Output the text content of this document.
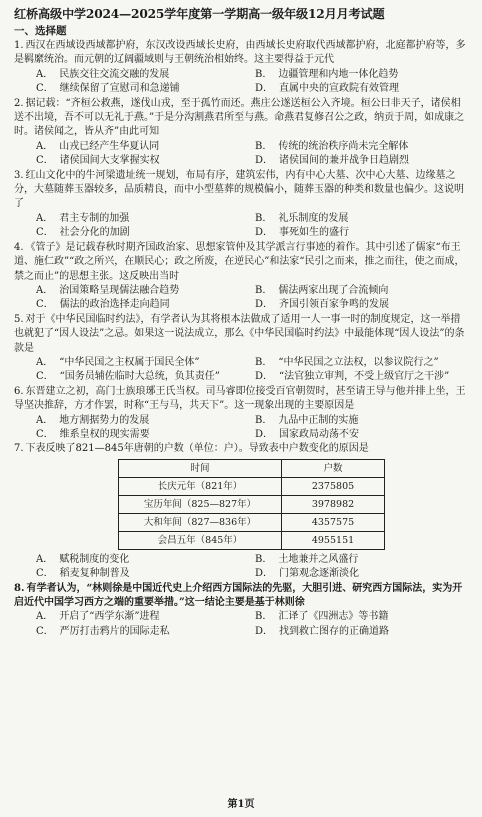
红桥高级中学2024—2025学年度第一学期高一级年级12月月考试题
一、选择题

1. 西汉在西域设西域都护府，东汉改设西域长史府，由西域长史府取代西域都护府，北庭都护府等，多是羁縻统治。而元朝的辽阔疆域则与王朝统治相始终。这主要得益于元代

A． 民族交往交流交融的发展	B． 边疆管理和内地一体化趋势
C． 继续保留了宣慰司和急递铺	D． 直属中央的宣政院有效管理

2. 据记载：“齐桓公救燕，遂伐山戎，至于孤竹而还。燕庄公遂送桓公入齐境。桓公曰非天子，诸侯相送不出境，吾不可以无礼于燕。”于是分沟割燕君所至与燕。命燕君复修召公之政，纳贡于周，如成康之时。诸侯闻之，皆从齐”由此可知

A． 山戎已经产生华夏认同	B． 传统的统治秩序尚未完全解体
C． 诸侯国间大支掌握实权	D． 诸侯国间的兼并战争日趋剧烈

3. 红山文化中的牛河梁遗址统一规划，布局有序，建筑宏伟，内有中心大墓、次中心大墓、边缘墓之分，大墓随葬玉器较多，品质精良，而中小型墓葬的规模偏小，随葬玉器的种类和数量也偏少。这说明了

A． 君主专制的加强	B． 礼乐制度的发展
C． 社会分化的加剧	D． 事死如生的盛行

4. 《管子》是记载春秋时期齐国政治家、思想家管仲及其学派言行事迹的着作。其中引述了儒家“布王道、施仁政”“政之所兴，在顺民心；政之所废，在逆民心”和法家“民引之而来，推之而往，使之而成，禁之而止”的思想主张。这反映出当时

A． 治国策略呈现儒法融合趋势	B． 儒法两家出现了合流倾向
C． 儒法的政治选择走向趋同	D． 齐国引领百家争鸣的发展

5. 对于《中华民国临时约法》，有学者认为其将根本法做成了适用一人一事一时的制度规定，这一举措也就犯了“因人设法”之忌。如果这一说法成立，那么《中华民国临时约法》中最能体现“因人设法”的条款是

A． “中华民国之主权属于国民全体”	B． “中华民国之立法权，以参议院行之”
C． “国务员辅佐临时大总统，负其责任”	D． “法官独立审判，不受上级官厅之干涉”

6. 东晋建立之初，高门士族琅琊王氏当权。司马睿即位接受百官朝贺时，甚至请王导与他并排上坐，王导坚决推辞，方才作罢，时称“王与马，共天下”。这一现象出现的主要原因是

A． 地方割据势力的发展	B． 九品中正制的实施
C． 维系皇权的现实需要	D． 国家政局动荡不安

7. 下表反映了821—845年唐朝的户数（单位：户）。导致表中户数变化的原因是

时间	户数
长庆元年（821年）	2375805
宝历年间（825—827年）	3978982
大和年间（827—836年）	4357575
会昌五年（845年）	4955151
A． 赋税制度的变化	B． 土地兼并之风盛行
C． 稻麦复种制普及	D． 门第观念逐渐淡化

8. 有学者认为，“林则徐是中国近代史上介绍西方国际法的先驱，大胆引进、研究西方国际法，实为开启近代中国学习西方之端的重要举措。”这一结论主要是基于林则徐

A． 开启了“西学东渐”进程	B． 汇译了《四洲志》等书籍
C． 严厉打击鸦片的国际走私	D． 找到救亡图存的正确道路
第1页
